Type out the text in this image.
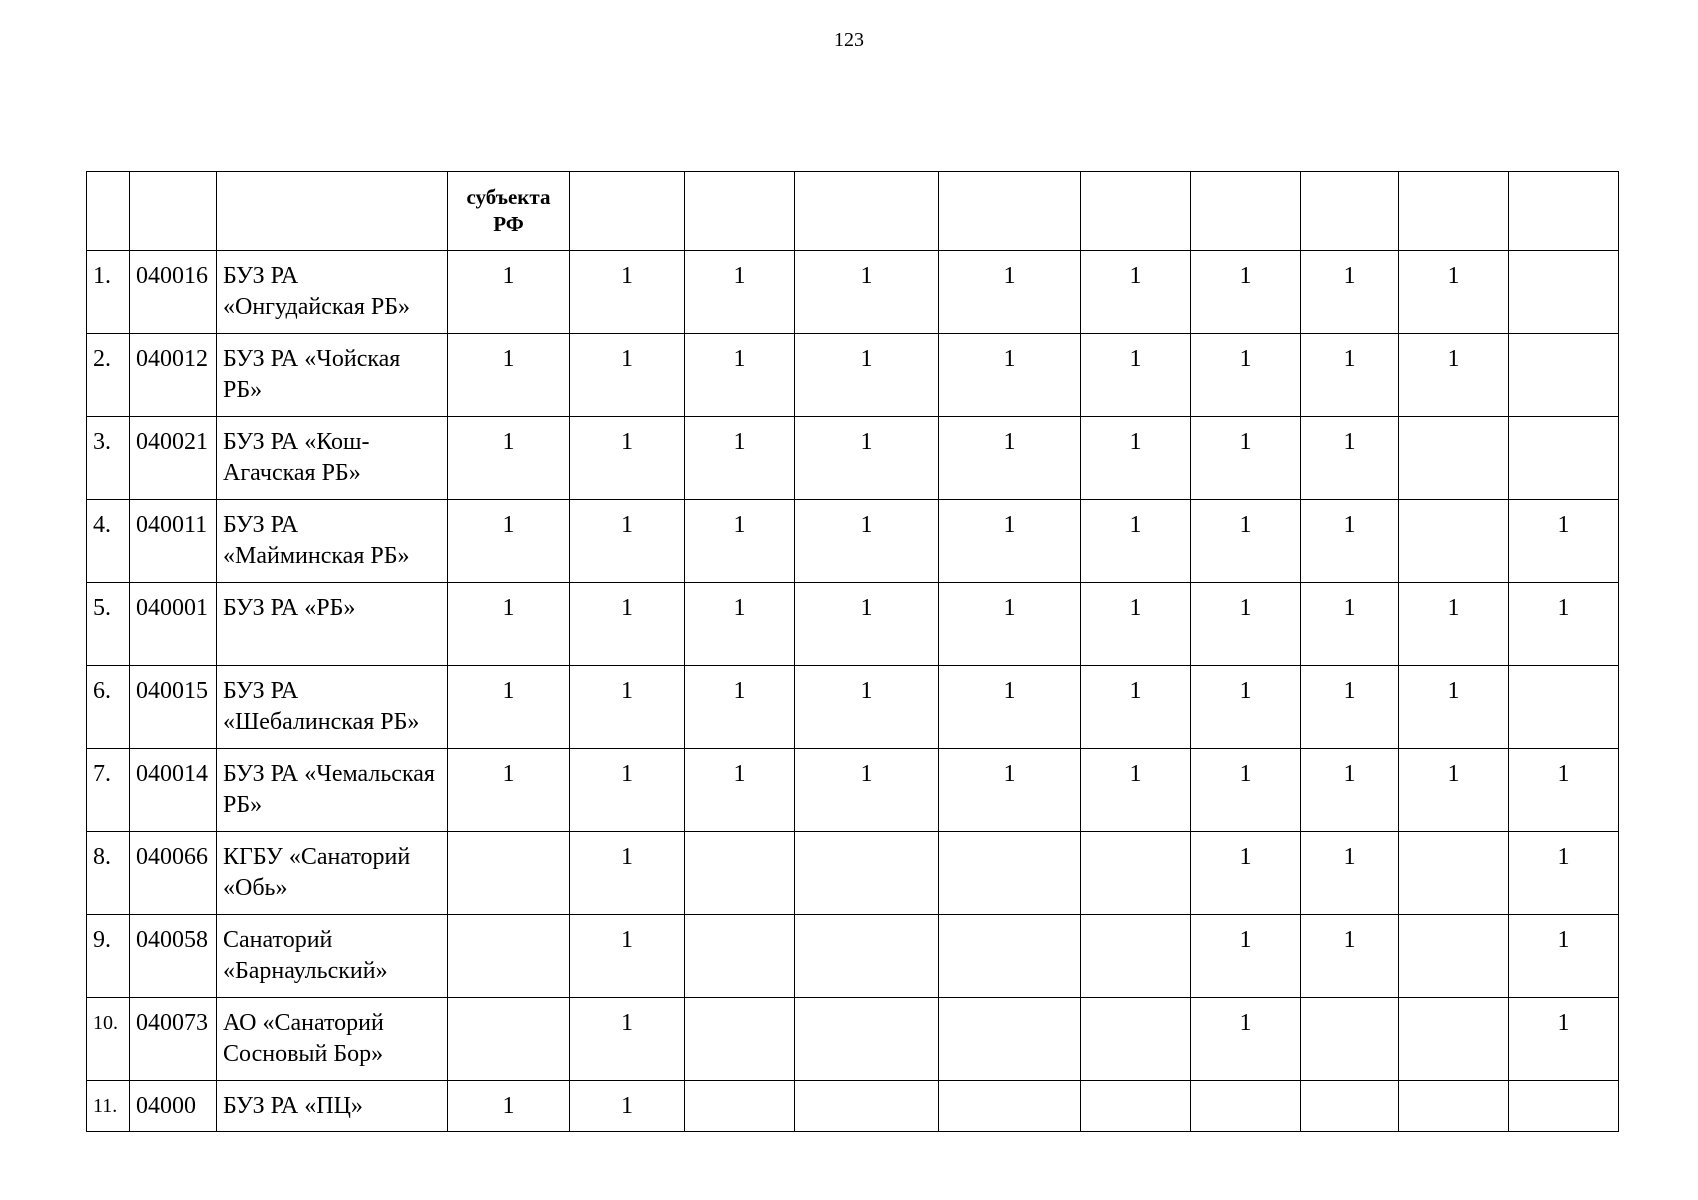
123
			субъекта РФ									
1.	040016	БУЗ РА «Онгудайская РБ»	1	1	1	1	1	1	1	1	1	
2.	040012	БУЗ РА «Чойская РБ»	1	1	1	1	1	1	1	1	1	
3.	040021	БУЗ РА «Кош-Агачская РБ»	1	1	1	1	1	1	1	1		
4.	040011	БУЗ РА «Майминская РБ»	1	1	1	1	1	1	1	1		1
5.	040001	БУЗ РА «РБ»	1	1	1	1	1	1	1	1	1	1
6.	040015	БУЗ РА «Шебалинская РБ»	1	1	1	1	1	1	1	1	1	
7.	040014	БУЗ РА «Чемальская РБ»	1	1	1	1	1	1	1	1	1	1
8.	040066	КГБУ «Санаторий «Обь»		1					1	1		1
9.	040058	Санаторий «Барнаульский»		1					1	1		1
10.	040073	АО «Санаторий Сосновый Бор»		1					1			1
11.	04000	БУЗ РА «ПЦ»	1	1								
